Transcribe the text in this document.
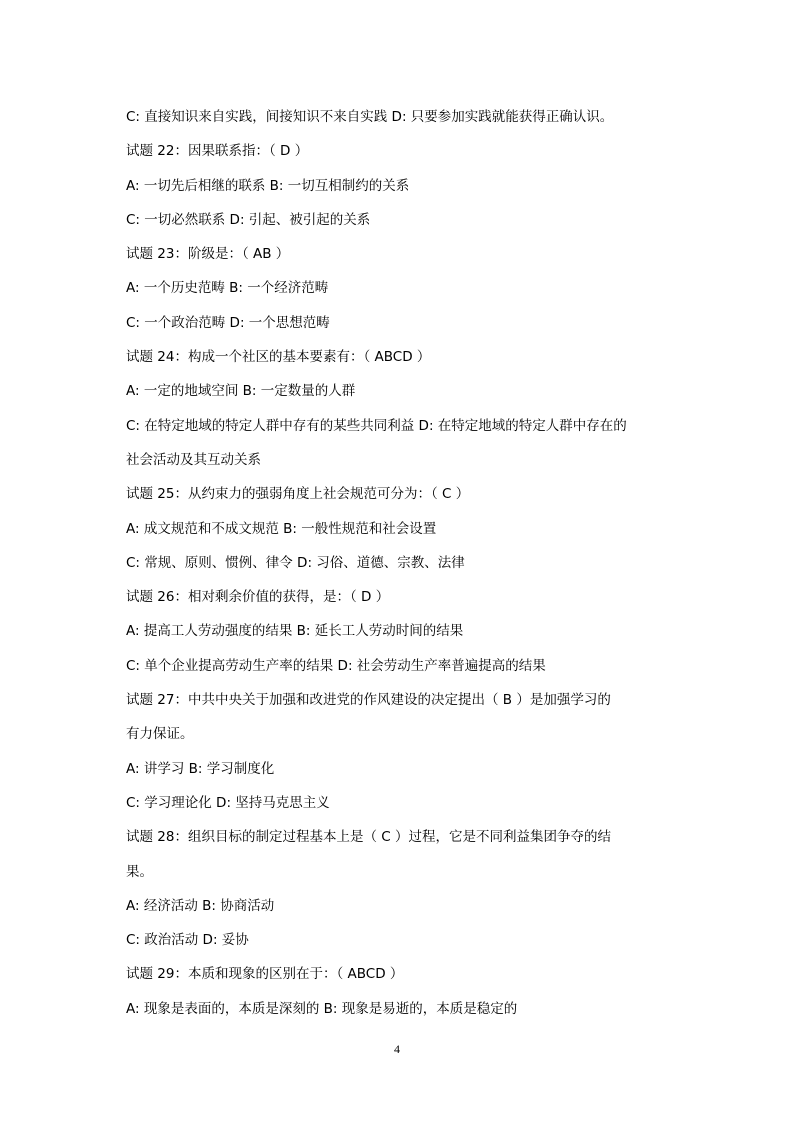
C: 直接知识来自实践，间接知识不来自实践 D: 只要参加实践就能获得正确认识。
试题 22：因果联系指：（ D ）
A: 一切先后相继的联系 B: 一切互相制约的关系
C: 一切必然联系 D: 引起、被引起的关系
试题 23：阶级是：（ AB ）
A: 一个历史范畴 B: 一个经济范畴
C: 一个政治范畴 D: 一个思想范畴
试题 24：构成一个社区的基本要素有：（ ABCD ）
A: 一定的地域空间 B: 一定数量的人群
C: 在特定地域的特定人群中存有的某些共同利益 D: 在特定地域的特定人群中存在的
社会活动及其互动关系
试题 25：从约束力的强弱角度上社会规范可分为：（ C ）
A: 成文规范和不成文规范 B: 一般性规范和社会设置
C: 常规、原则、惯例、律令 D: 习俗、道德、宗教、法律
试题 26：相对剩余价值的获得，是：（ D ）
A: 提高工人劳动强度的结果 B: 延长工人劳动时间的结果
C: 单个企业提高劳动生产率的结果 D: 社会劳动生产率普遍提高的结果
试题 27：中共中央关于加强和改进党的作风建设的决定提出（ B ）是加强学习的
有力保证。
A: 讲学习 B: 学习制度化
C: 学习理论化 D: 坚持马克思主义
试题 28：组织目标的制定过程基本上是（ C ）过程，它是不同利益集团争夺的结
果。
A: 经济活动 B: 协商活动
C: 政治活动 D: 妥协
试题 29：本质和现象的区别在于：（ ABCD ）
A: 现象是表面的，本质是深刻的 B: 现象是易逝的，本质是稳定的
4
